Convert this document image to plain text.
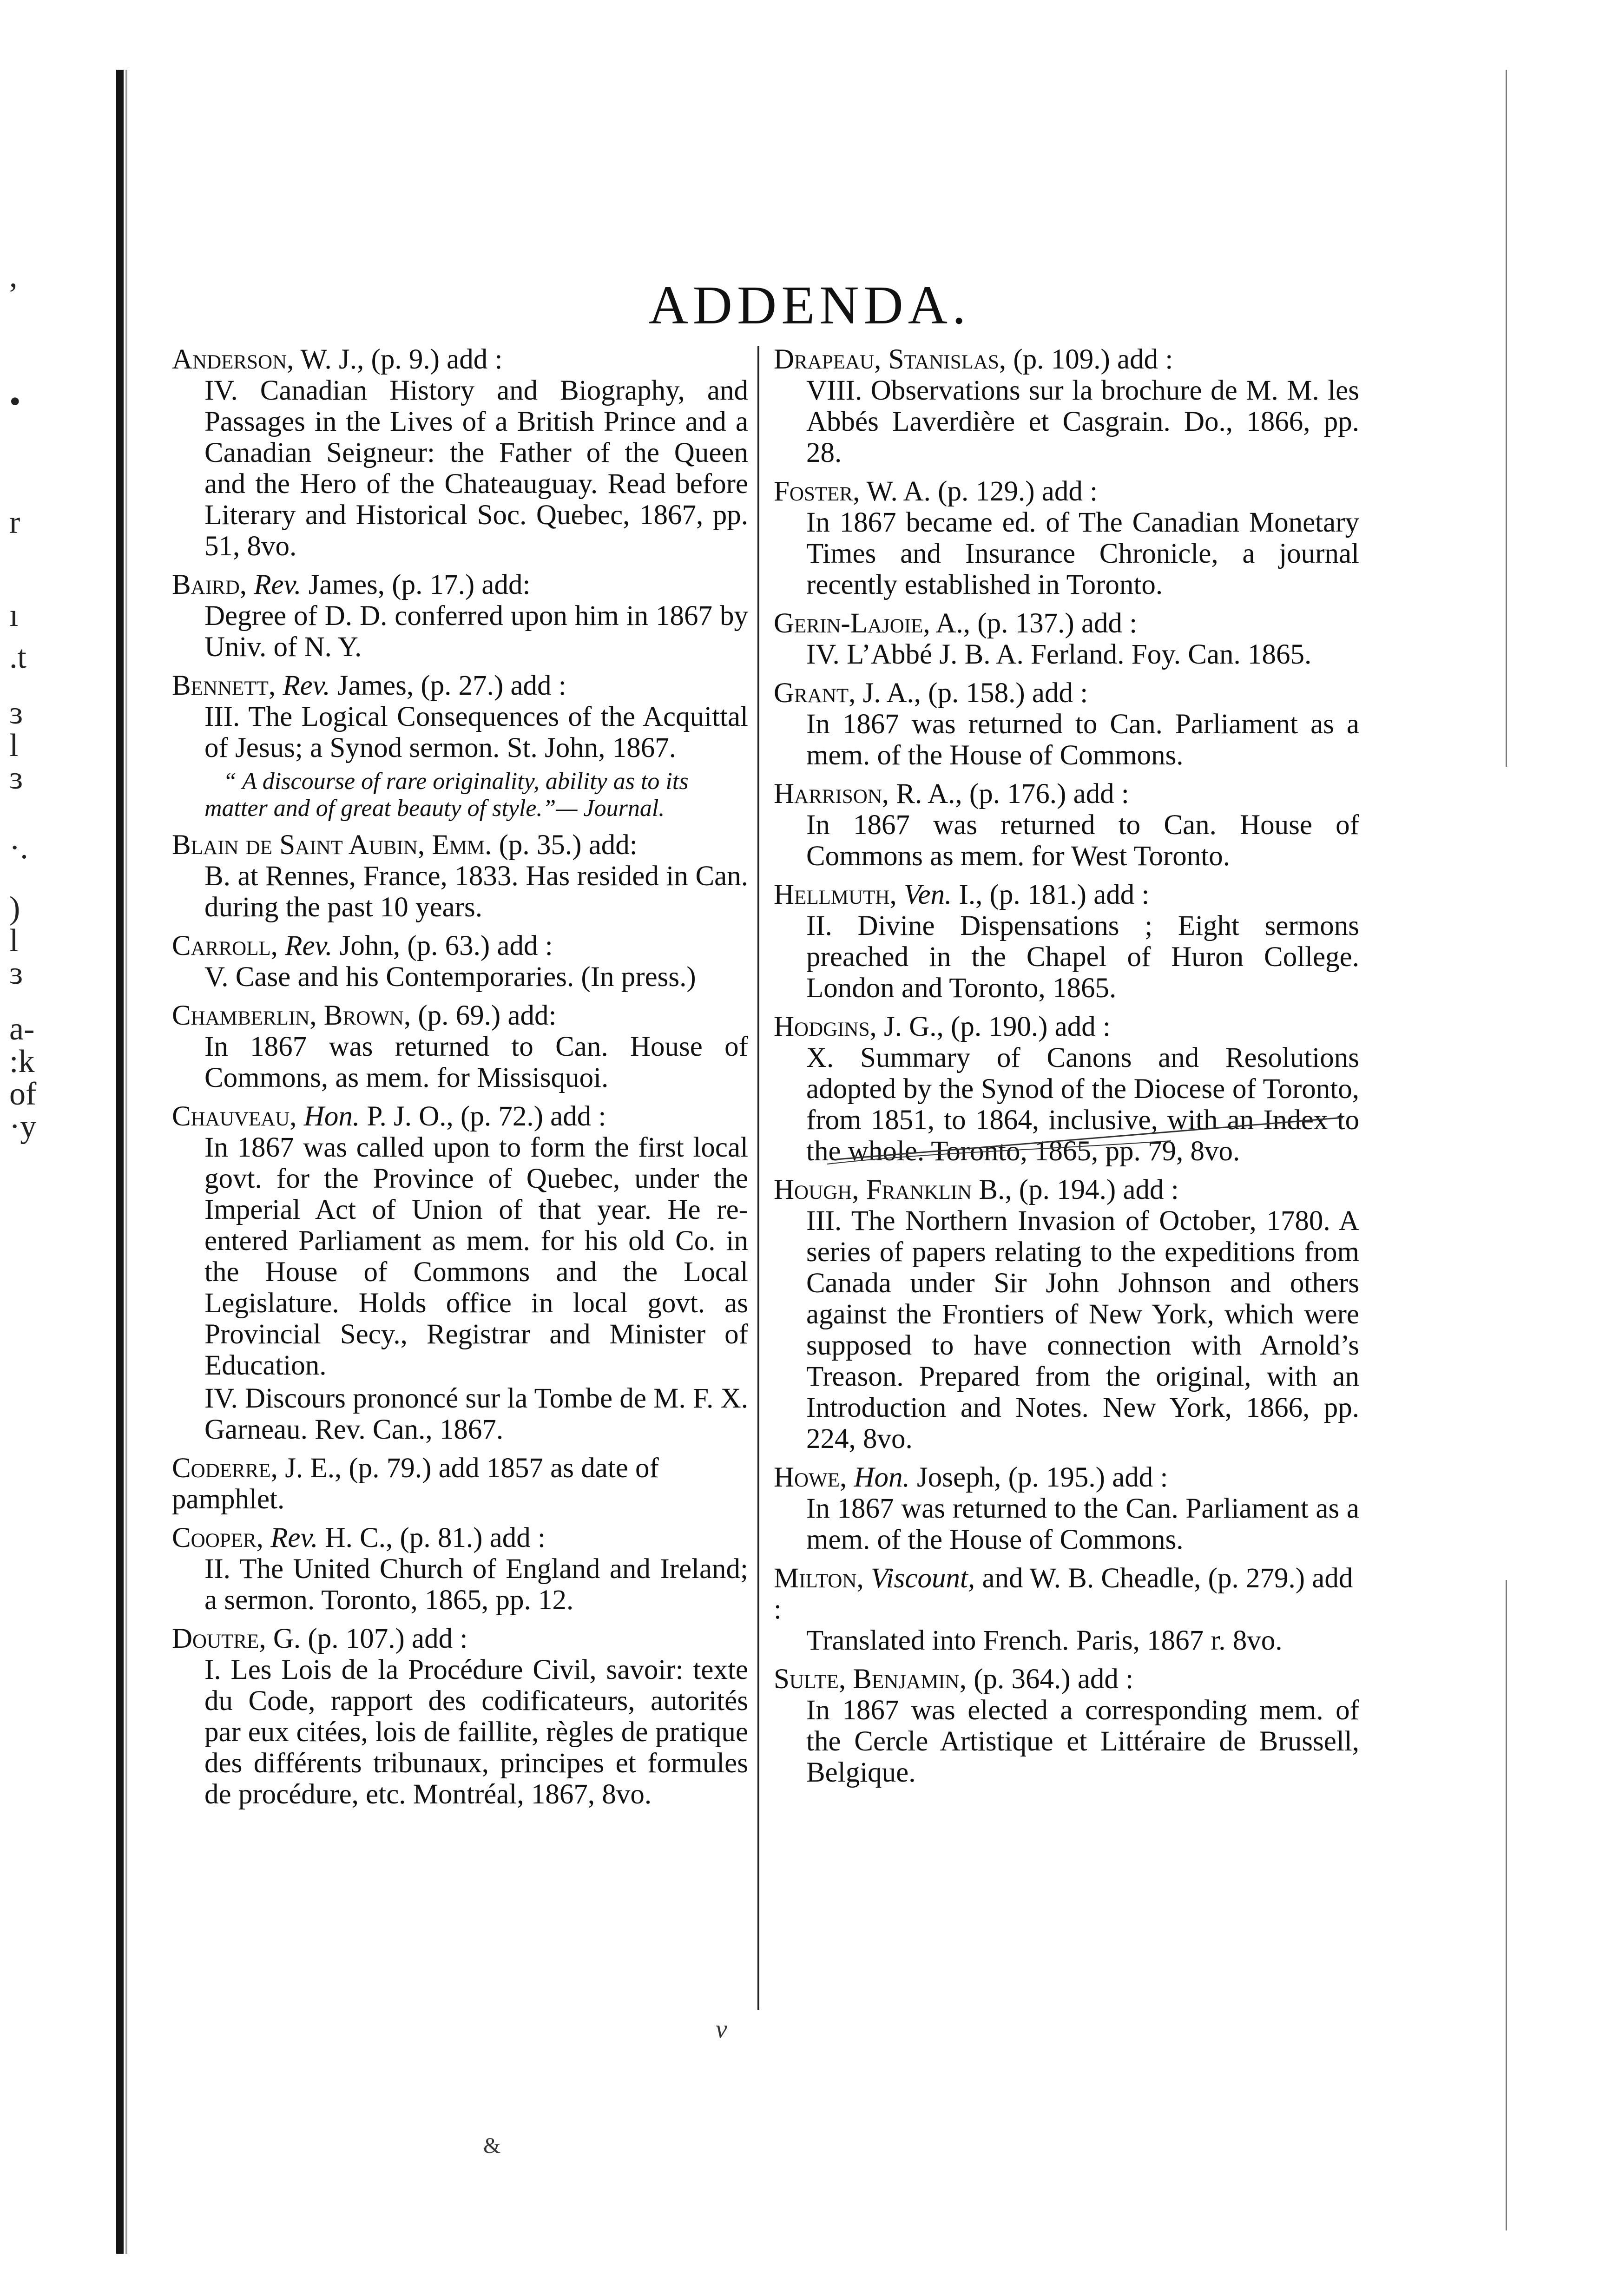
,
•
r
ı
.t
ɜ
l
ɜ
·.
)
l
ɜ
a-
:k
of
·y
ADDENDA.
Anderson, W. J., (p. 9.) add :
IV. Canadian History and Biography, and Passages in the Lives of a British Prince and a Canadian Seigneur: the Father of the Queen and the Hero of the Chateauguay. Read before Literary and Historical Soc. Quebec, 1867, pp. 51, 8vo.
Baird, Rev. James, (p. 17.) add:
Degree of D. D. conferred upon him in 1867 by Univ. of N. Y.
Bennett, Rev. James, (p. 27.) add :
III. The Logical Consequences of the Acquittal of Jesus; a Synod sermon. St. John, 1867.
“ A discourse of rare originality, ability as to its matter and of great beauty of style.”— Journal.
Blain de Saint Aubin, Emm. (p. 35.) add:
B. at Rennes, France, 1833. Has resided in Can. during the past 10 years.
Carroll, Rev. John, (p. 63.) add :
V. Case and his Contemporaries. (In press.)
Chamberlin, Brown, (p. 69.) add:
In 1867 was returned to Can. House of Commons, as mem. for Missisquoi.
Chauveau, Hon. P. J. O., (p. 72.) add :
In 1867 was called upon to form the first local govt. for the Province of Quebec, under the Imperial Act of Union of that year. He re-entered Parliament as mem. for his old Co. in the House of Commons and the Local Legislature. Holds office in local govt. as Provincial Secy., Registrar and Minister of Education.
IV. Discours prononcé sur la Tombe de M. F. X. Garneau. Rev. Can., 1867.
Coderre, J. E., (p. 79.) add 1857 as date of pamphlet.
Cooper, Rev. H. C., (p. 81.) add :
II. The United Church of England and Ireland; a sermon. Toronto, 1865, pp. 12.
Doutre, G. (p. 107.) add :
I. Les Lois de la Procédure Civil, savoir: texte du Code, rapport des codificateurs, autorités par eux citées, lois de faillite, règles de pratique des différents tribunaux, principes et formules de procédure, etc. Montréal, 1867, 8vo.
Drapeau, Stanislas, (p. 109.) add :
VIII. Observations sur la brochure de M. M. les Abbés Laverdière et Casgrain. Do., 1866, pp. 28.
Foster, W. A. (p. 129.) add :
In 1867 became ed. of The Canadian Monetary Times and Insurance Chronicle, a journal recently established in Toronto.
Gerin-Lajoie, A., (p. 137.) add :
IV. L’Abbé J. B. A. Ferland. Foy. Can. 1865.
Grant, J. A., (p. 158.) add :
In 1867 was returned to Can. Parliament as a mem. of the House of Commons.
Harrison, R. A., (p. 176.) add :
In 1867 was returned to Can. House of Commons as mem. for West Toronto.
Hellmuth, Ven. I., (p. 181.) add :
II. Divine Dispensations ; Eight sermons preached in the Chapel of Huron College. London and Toronto, 1865.
Hodgins, J. G., (p. 190.) add :
X. Summary of Canons and Resolutions adopted by the Synod of the Diocese of Toronto, from 1851, to 1864, inclusive, with an Index to the whole. Toronto, 1865, pp. 79, 8vo.
Hough, Franklin B., (p. 194.) add :
III. The Northern Invasion of October, 1780. A series of papers relating to the expeditions from Canada under Sir John Johnson and others against the Frontiers of New York, which were supposed to have connection with Arnold’s Treason. Prepared from the original, with an Introduction and Notes. New York, 1866, pp. 224, 8vo.
Howe, Hon. Joseph, (p. 195.) add :
In 1867 was returned to the Can. Parliament as a mem. of the House of Commons.
Milton, Viscount, and W. B. Cheadle, (p. 279.) add :
Translated into French. Paris, 1867 r. 8vo.
Sulte, Benjamin, (p. 364.) add :
In 1867 was elected a corresponding mem. of the Cercle Artistique et Littéraire de Brussell, Belgique.
v
&
